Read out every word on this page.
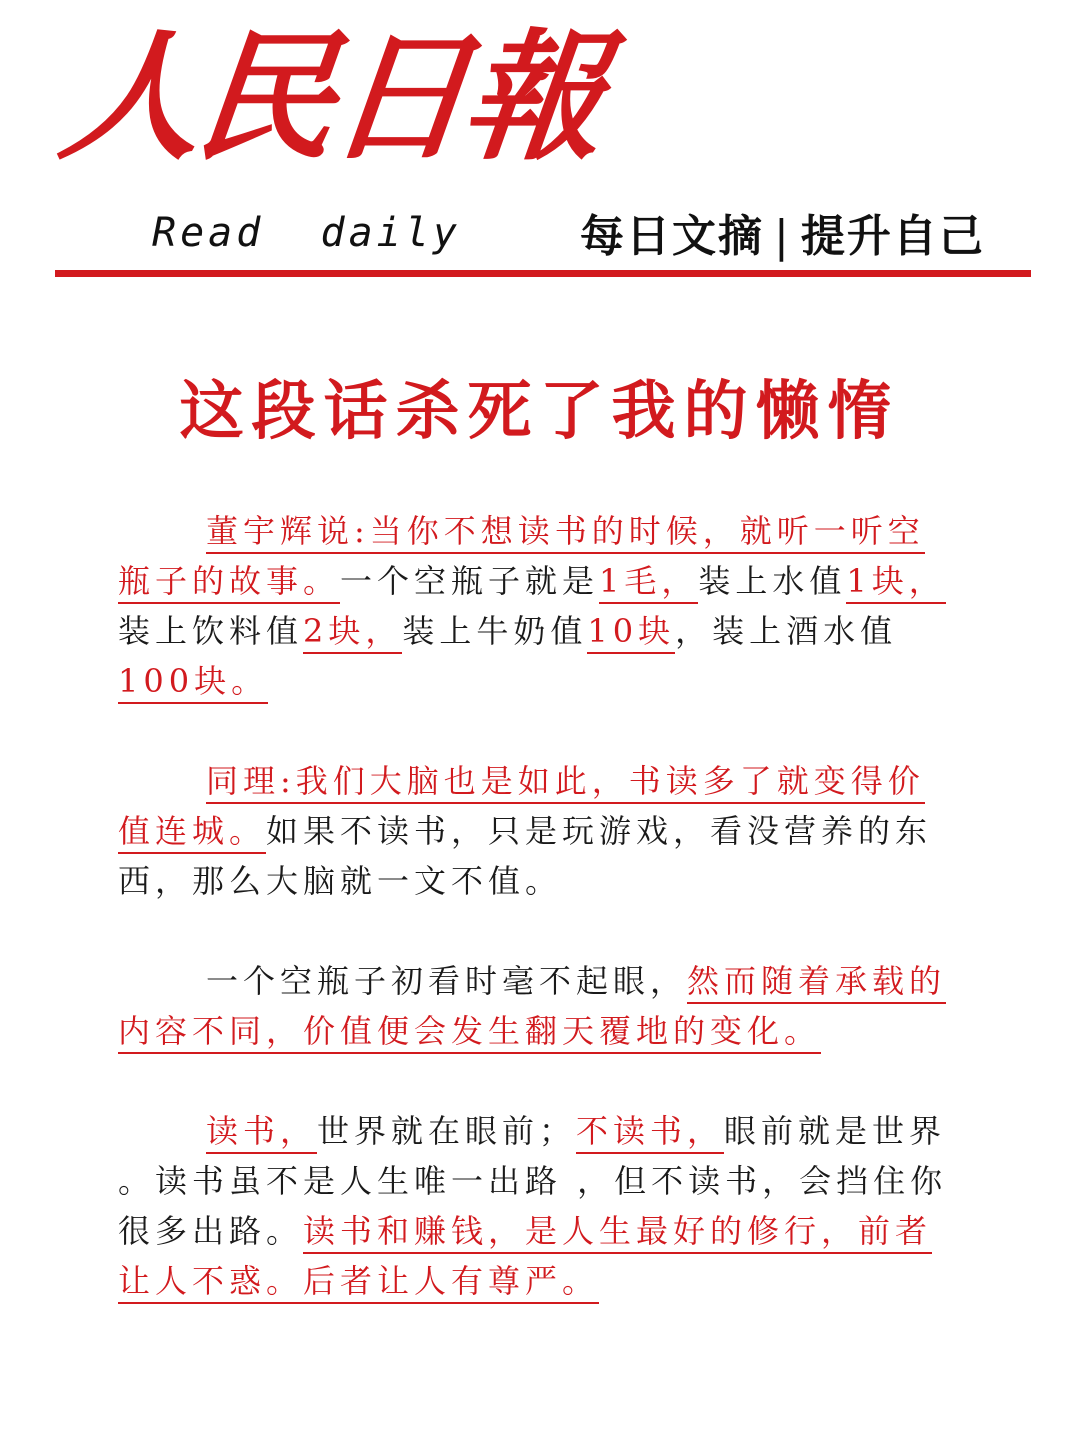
人民日報
Read  daily	每日文摘 | 提升自己
这段话杀死了我的懒惰

董宇辉说:当你不想读书的时候，就听一听空瓶子的故事。一个空瓶子就是1毛，装上水值1块，装上饮料值2块，装上牛奶值10块，装上酒水值100块。

同理:我们大脑也是如此，书读多了就变得价值连城。如果不读书，只是玩游戏，看没营养的东西，那么大脑就一文不值。

一个空瓶子初看时毫不起眼，然而随着承载的内容不同，价值便会发生翻天覆地的变化。

读书，世界就在眼前；不读书，眼前就是世界 。读书虽不是人生唯一出路 ，但不读书，会挡住你很多出路。读书和赚钱，是人生最好的修行，前者让人不惑。后者让人有尊严。
